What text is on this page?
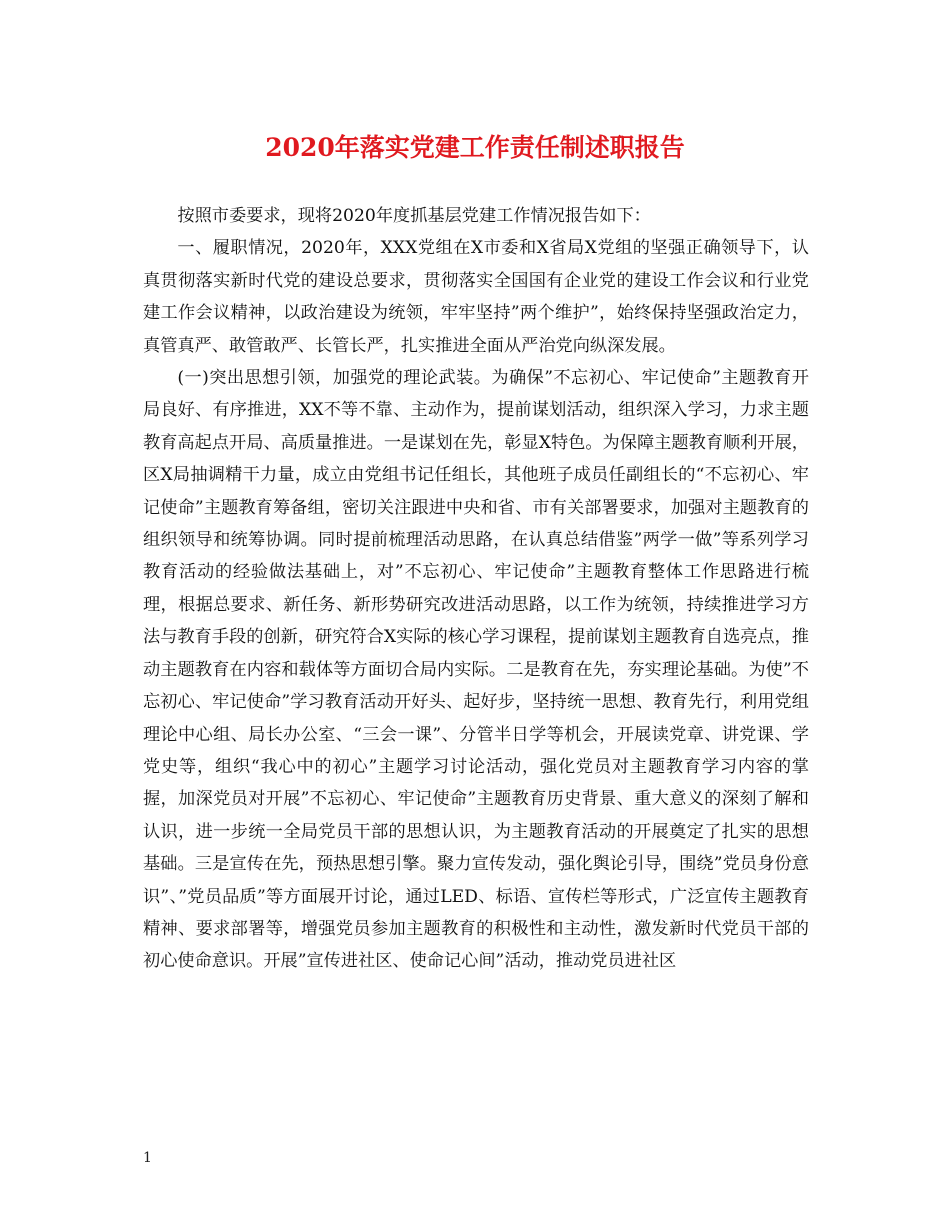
2020年落实党建工作责任制述职报告

按照市委要求，现将2020年度抓基层党建工作情况报告如下：

一、履职情况，2020年，XXX党组在X市委和X省局X党组的坚强正确领导下，认真贯彻落实新时代党的建设总要求，贯彻落实全国国有企业党的建设工作会议和行业党建工作会议精神，以政治建设为统领，牢牢坚持”两个维护”，始终保持坚强政治定力，真管真严、敢管敢严、长管长严，扎实推进全面从严治党向纵深发展。

(一)突出思想引领，加强党的理论武装。为确保”不忘初心、牢记使命”主题教育开局良好、有序推进，XX不等不靠、主动作为，提前谋划活动，组织深入学习，力求主题教育高起点开局、高质量推进。一是谋划在先，彰显X特色。为保障主题教育顺利开展，区X局抽调精干力量，成立由党组书记任组长，其他班子成员任副组长的“不忘初心、牢记使命”主题教育筹备组，密切关注跟进中央和省、市有关部署要求，加强对主题教育的组织领导和统筹协调。同时提前梳理活动思路，在认真总结借鉴”两学一做”等系列学习教育活动的经验做法基础上，对”不忘初心、牢记使命”主题教育整体工作思路进行梳理，根据总要求、新任务、新形势研究改进活动思路，以工作为统领，持续推进学习方法与教育手段的创新，研究符合X实际的核心学习课程，提前谋划主题教育自选亮点，推动主题教育在内容和载体等方面切合局内实际。二是教育在先，夯实理论基础。为使”不忘初心、牢记使命”学习教育活动开好头、起好步，坚持统一思想、教育先行，利用党组理论中心组、局长办公室、“三会一课”、分管半日学等机会，开展读党章、讲党课、学党史等，组织“我心中的初心”主题学习讨论活动，强化党员对主题教育学习内容的掌握，加深党员对开展”不忘初心、牢记使命”主题教育历史背景、重大意义的深刻了解和认识，进一步统一全局党员干部的思想认识，为主题教育活动的开展奠定了扎实的思想基础。三是宣传在先，预热思想引擎。聚力宣传发动，强化舆论引导，围绕”党员身份意识”、”党员品质”等方面展开讨论，通过LED、标语、宣传栏等形式，广泛宣传主题教育精神、要求部署等，增强党员参加主题教育的积极性和主动性，激发新时代党员干部的初心使命意识。开展”宣传进社区、使命记心间”活动，推动党员进社区

1
